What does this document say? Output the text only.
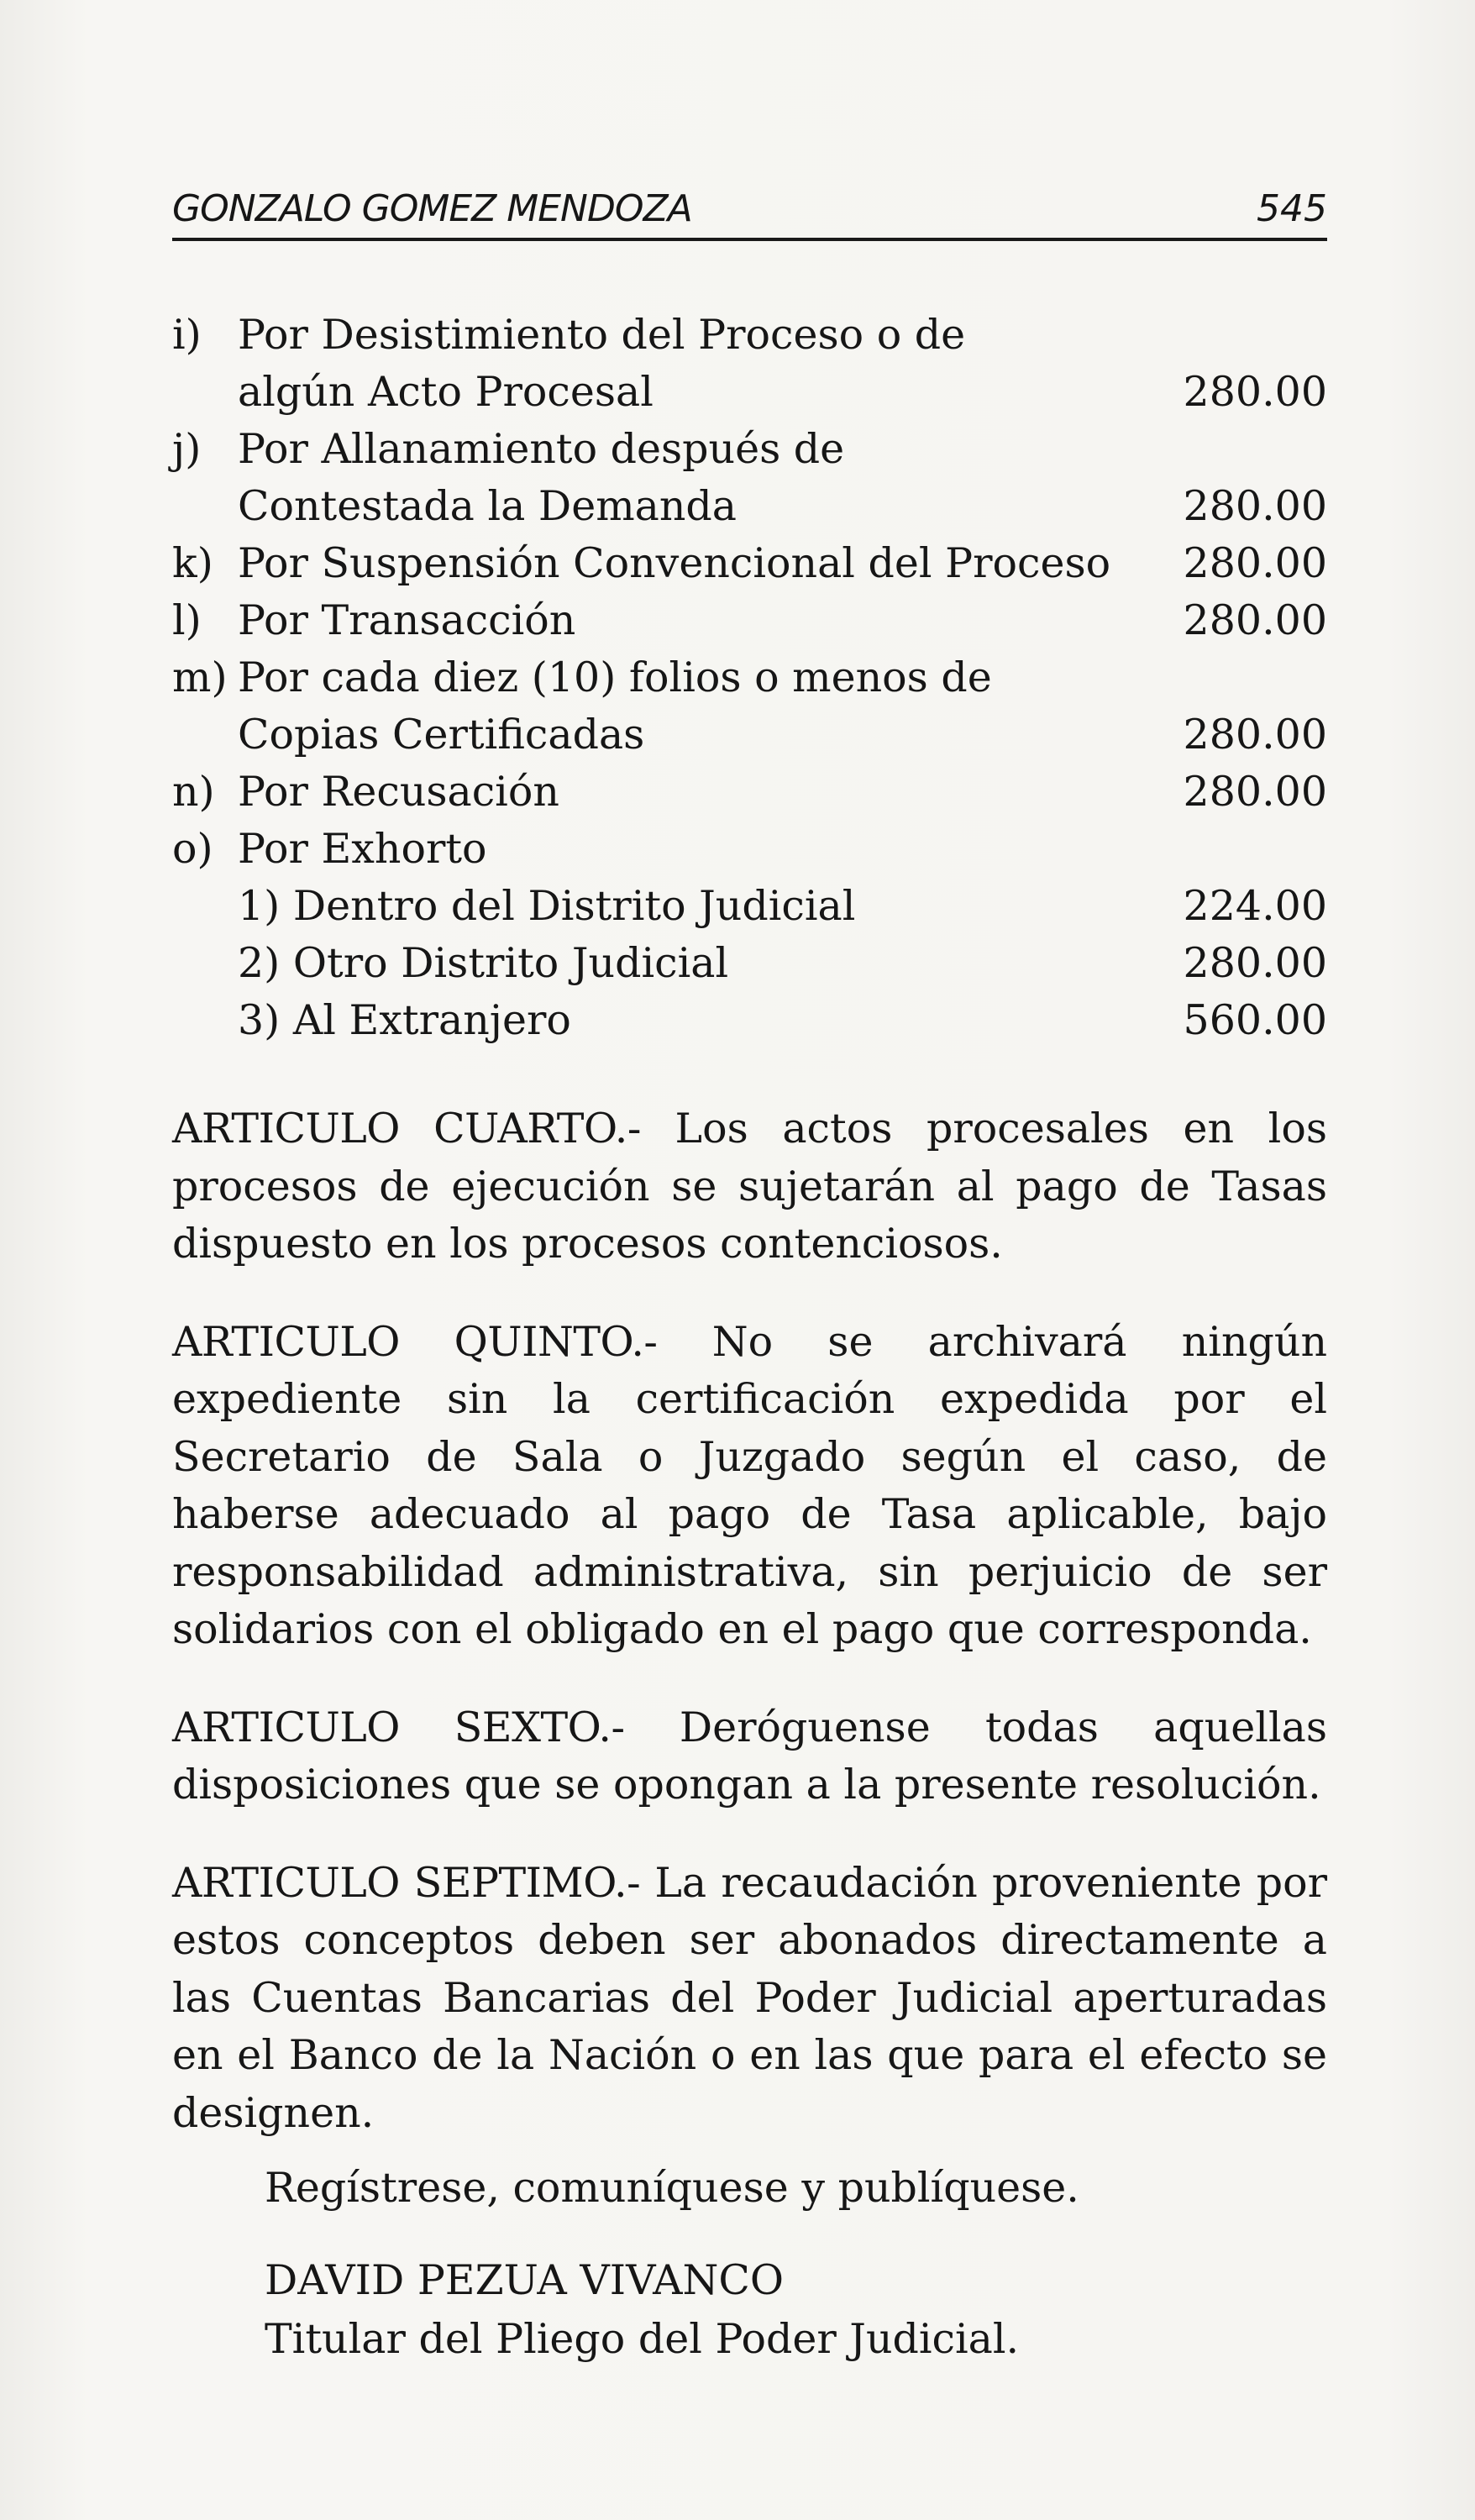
GONZALO GOMEZ MENDOZA	545
i) Por Desistimiento del Proceso o de
algún Acto Procesal	280.00
j) Por Allanamiento después de
Contestada la Demanda	280.00
k) Por Suspensión Convencional del Proceso 280.00
l) Por Transacción	280.00
m) Por cada diez (10) folios o menos de
Copias Certificadas	280.00
n) Por Recusación	280.00
o) Por Exhorto
1) Dentro del Distrito Judicial	224.00
2) Otro Distrito Judicial	280.00
3) Al Extranjero	560.00

ARTICULO CUARTO.- Los actos procesales en los procesos de ejecución se sujetarán al pago de Tasas dispuesto en los procesos contenciosos.

ARTICULO QUINTO.- No se archivará ningún expediente sin la certificación expedida por el Secretario de Sala o Juzgado según el caso, de haberse adecuado al pago de Tasa aplicable, bajo responsabilidad administrativa, sin perjuicio de ser solidarios con el obligado en el pago que corresponda.

ARTICULO SEXTO.- Deróguense todas aquellas disposiciones que se opongan a la presente resolución.

ARTICULO SEPTIMO.- La recaudación proveniente por estos conceptos deben ser abonados directamente a las Cuentas Bancarias del Poder Judicial aperturadas en el Banco de la Nación o en las que para el efecto se designen.

Regístrese, comuníquese y publíquese.
DAVID PEZUA VIVANCO
Titular del Pliego del Poder Judicial.
